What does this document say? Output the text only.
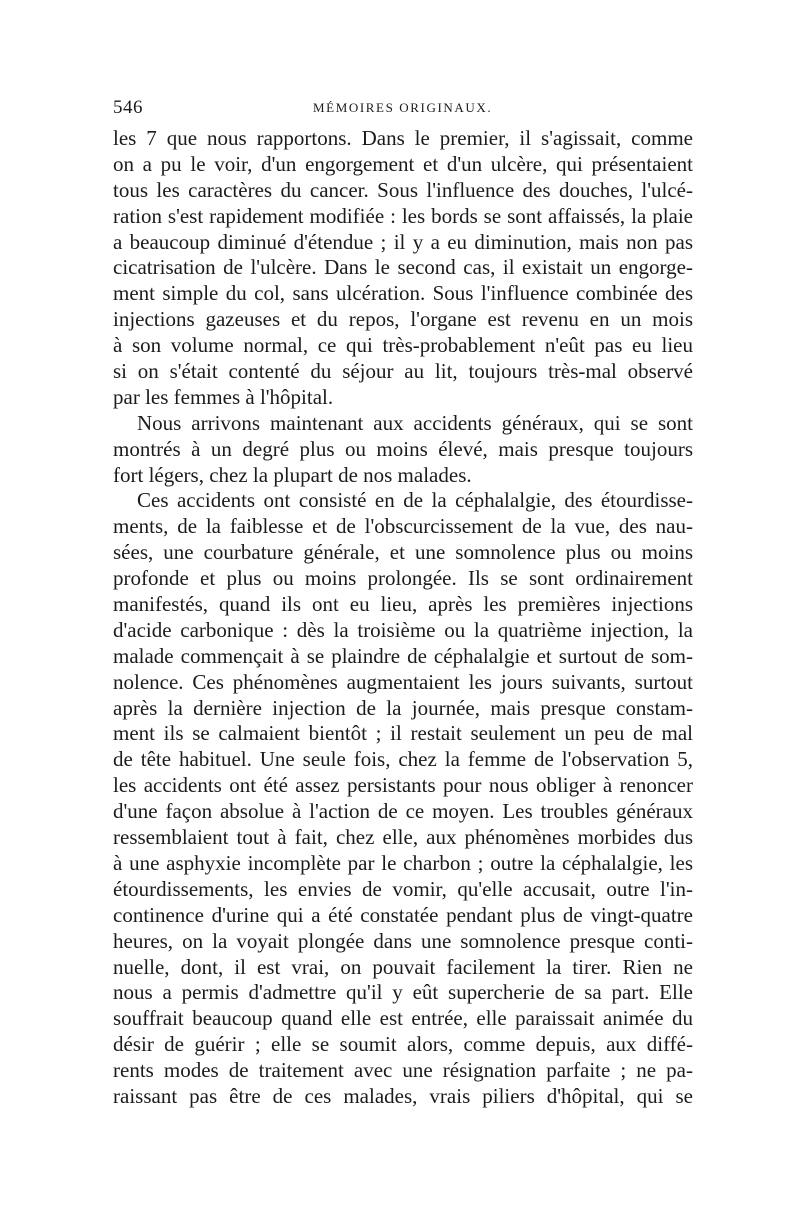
546	MÉMOIRES ORIGINAUX.
les 7 que nous rapportons. Dans le premier, il s'agissait, comme
on a pu le voir, d'un engorgement et d'un ulcère, qui présentaient
tous les caractères du cancer. Sous l'influence des douches, l'ulcé-
ration s'est rapidement modifiée : les bords se sont affaissés, la plaie
a beaucoup diminué d'étendue ; il y a eu diminution, mais non pas
cicatrisation de l'ulcère. Dans le second cas, il existait un engorge-
ment simple du col, sans ulcération. Sous l'influence combinée des
injections gazeuses et du repos, l'organe est revenu en un mois
à son volume normal, ce qui très-probablement n'eût pas eu lieu
si on s'était contenté du séjour au lit, toujours très-mal observé
par les femmes à l'hôpital.
Nous arrivons maintenant aux accidents généraux, qui se sont
montrés à un degré plus ou moins élevé, mais presque toujours
fort légers, chez la plupart de nos malades.
Ces accidents ont consisté en de la céphalalgie, des étourdisse-
ments, de la faiblesse et de l'obscurcissement de la vue, des nau-
sées, une courbature générale, et une somnolence plus ou moins
profonde et plus ou moins prolongée. Ils se sont ordinairement
manifestés, quand ils ont eu lieu, après les premières injections
d'acide carbonique : dès la troisième ou la quatrième injection, la
malade commençait à se plaindre de céphalalgie et surtout de som-
nolence. Ces phénomènes augmentaient les jours suivants, surtout
après la dernière injection de la journée, mais presque constam-
ment ils se calmaient bientôt ; il restait seulement un peu de mal
de tête habituel. Une seule fois, chez la femme de l'observation 5,
les accidents ont été assez persistants pour nous obliger à renoncer
d'une façon absolue à l'action de ce moyen. Les troubles généraux
ressemblaient tout à fait, chez elle, aux phénomènes morbides dus
à une asphyxie incomplète par le charbon ; outre la céphalalgie, les
étourdissements, les envies de vomir, qu'elle accusait, outre l'in-
continence d'urine qui a été constatée pendant plus de vingt-quatre
heures, on la voyait plongée dans une somnolence presque conti-
nuelle, dont, il est vrai, on pouvait facilement la tirer. Rien ne
nous a permis d'admettre qu'il y eût supercherie de sa part. Elle
souffrait beaucoup quand elle est entrée, elle paraissait animée du
désir de guérir ; elle se soumit alors, comme depuis, aux diffé-
rents modes de traitement avec une résignation parfaite ; ne pa-
raissant pas être de ces malades, vrais piliers d'hôpital, qui se
